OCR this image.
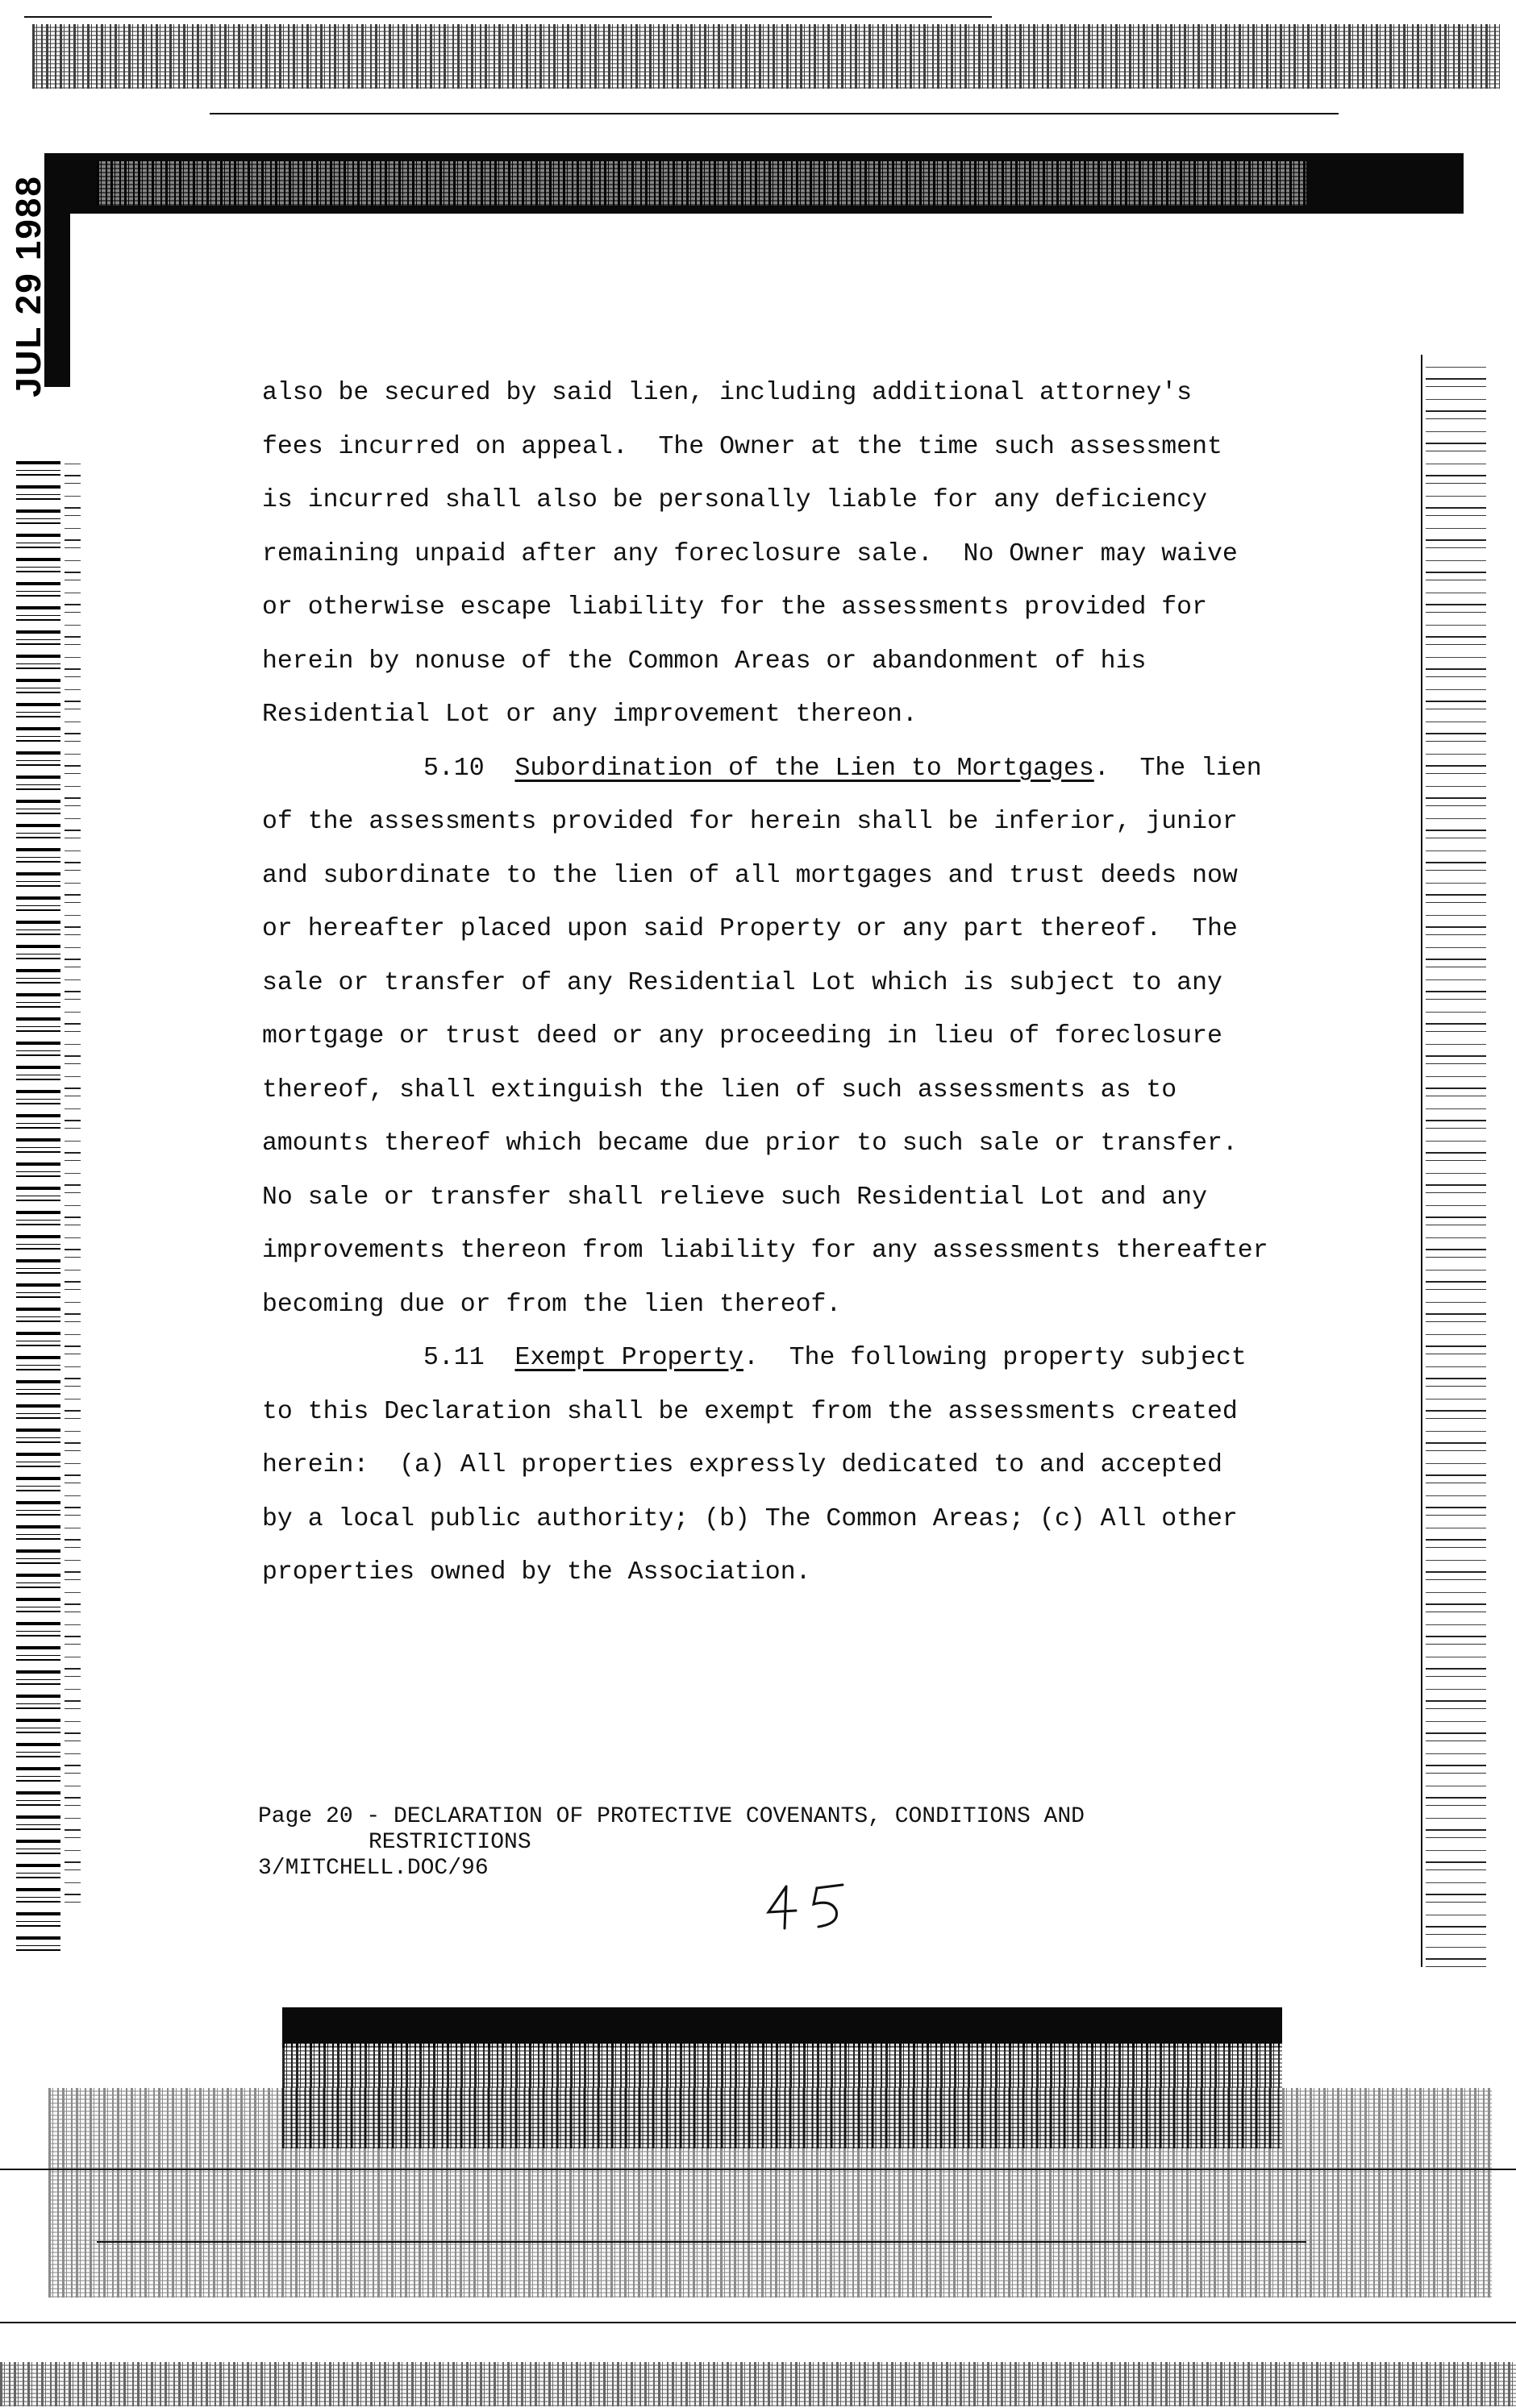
JUL 29 1988	also be secured by said lien, including additional attorney's
fees incurred on appeal.  The Owner at the time such assessment
is incurred shall also be personally liable for any deficiency
remaining unpaid after any foreclosure sale.  No Owner may waive
or otherwise escape liability for the assessments provided for
herein by nonuse of the Common Areas or abandonment of his
Residential Lot or any improvement thereon.
5.10 Subordination of the Lien to Mortgages.  The lien
of the assessments provided for herein shall be inferior, junior
and subordinate to the lien of all mortgages and trust deeds now
or hereafter placed upon said Property or any part thereof.  The
sale or transfer of any Residential Lot which is subject to any
mortgage or trust deed or any proceeding in lieu of foreclosure
thereof, shall extinguish the lien of such assessments as to
amounts thereof which became due prior to such sale or transfer.
No sale or transfer shall relieve such Residential Lot and any
improvements thereon from liability for any assessments thereafter
becoming due or from the lien thereof.
5.11 Exempt Property.  The following property subject
to this Declaration shall be exempt from the assessments created
herein:  (a) All properties expressly dedicated to and accepted
by a local public authority; (b) The Common Areas; (c) All other
properties owned by the Association.
Page 20 - DECLARATION OF PROTECTIVE COVENANTS, CONDITIONS AND
RESTRICTIONS
3/MITCHELL.DOC/96
